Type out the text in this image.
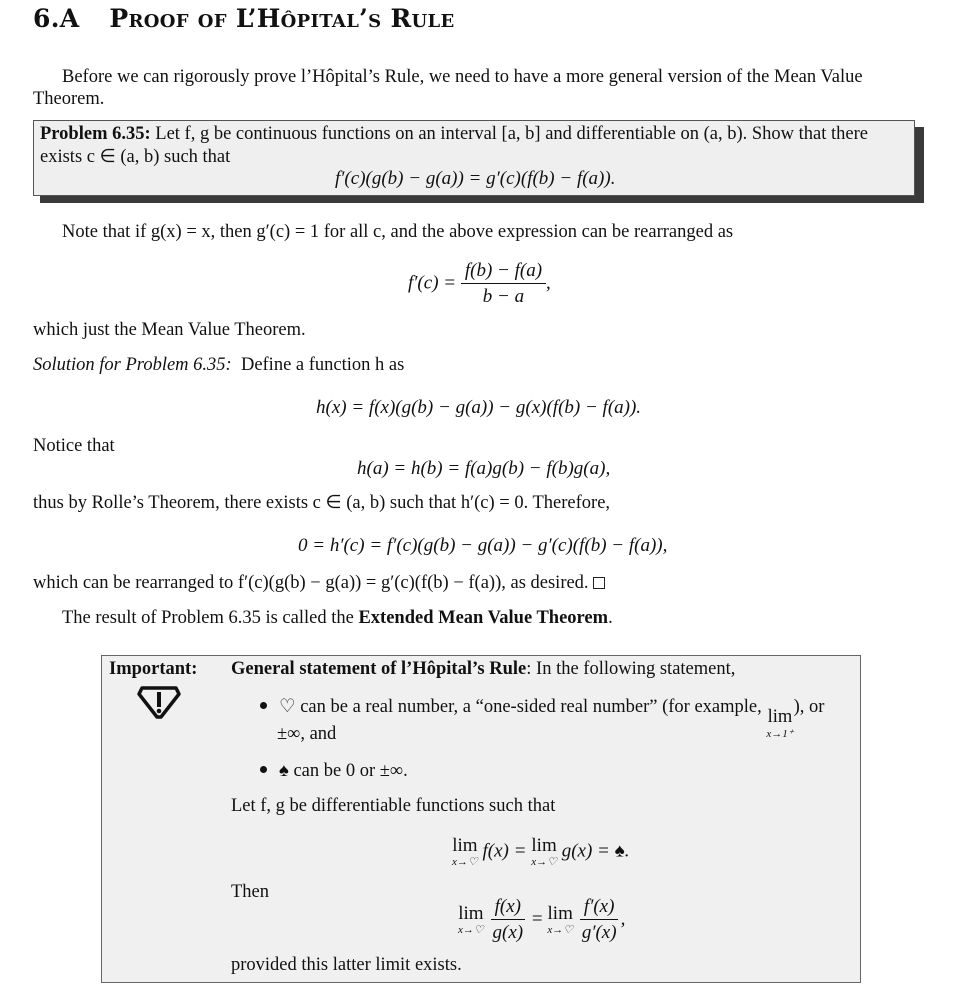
6.A Proof of L’Hôpital’s Rule
Before we can rigorously prove l’Hôpital’s Rule, we need to have a more general version of the Mean Value
Theorem.
Problem 6.35: Let f, g be continuous functions on an interval [a, b] and differentiable on (a, b). Show that there
exists c ∈ (a, b) such that
f′(c)(g(b) − g(a)) = g′(c)(f(b) − f(a)).
Note that if g(x) = x, then g′(c) = 1 for all c, and the above expression can be rearranged as
$f'(c) = \frac{f(b) - f(a)}{b - a}$ ,
which just the Mean Value Theorem.
Solution for Problem 6.35: Define a function h as
h(x) = f(x)(g(b) − g(a)) − g(x)(f(b) − f(a)).
Notice that
h(a) = h(b) = f(a)g(b) − f(b)g(a),
thus by Rolle’s Theorem, there exists c ∈ (a, b) such that h′(c) = 0. Therefore,
0 = h′(c) = f′(c)(g(b) − g(a)) − g′(c)(f(b) − f(a)),
which can be rearranged to f′(c)(g(b) − g(a)) = g′(c)(f(b) − f(a)), as desired.
The result of Problem 6.35 is called the Extended Mean Value Theorem.
Important: General statement of l’Hôpital’s Rule: In the following statement,
♡ can be a real number, a “one-sided real number” (for example, lim
x→1⁺
), or
±∞, and
♠ can be 0 or ±∞.
Let f, g be differentiable functions such that
lim
x→♡
f(x) = lim
x→♡
g(x) = ♠.
Then
lim
x→♡
$\frac{f(x)}{g(x)} = \lim$
x→♡
$\frac{f'(x)}{g'(x)}$ ,
provided this latter limit exists.
